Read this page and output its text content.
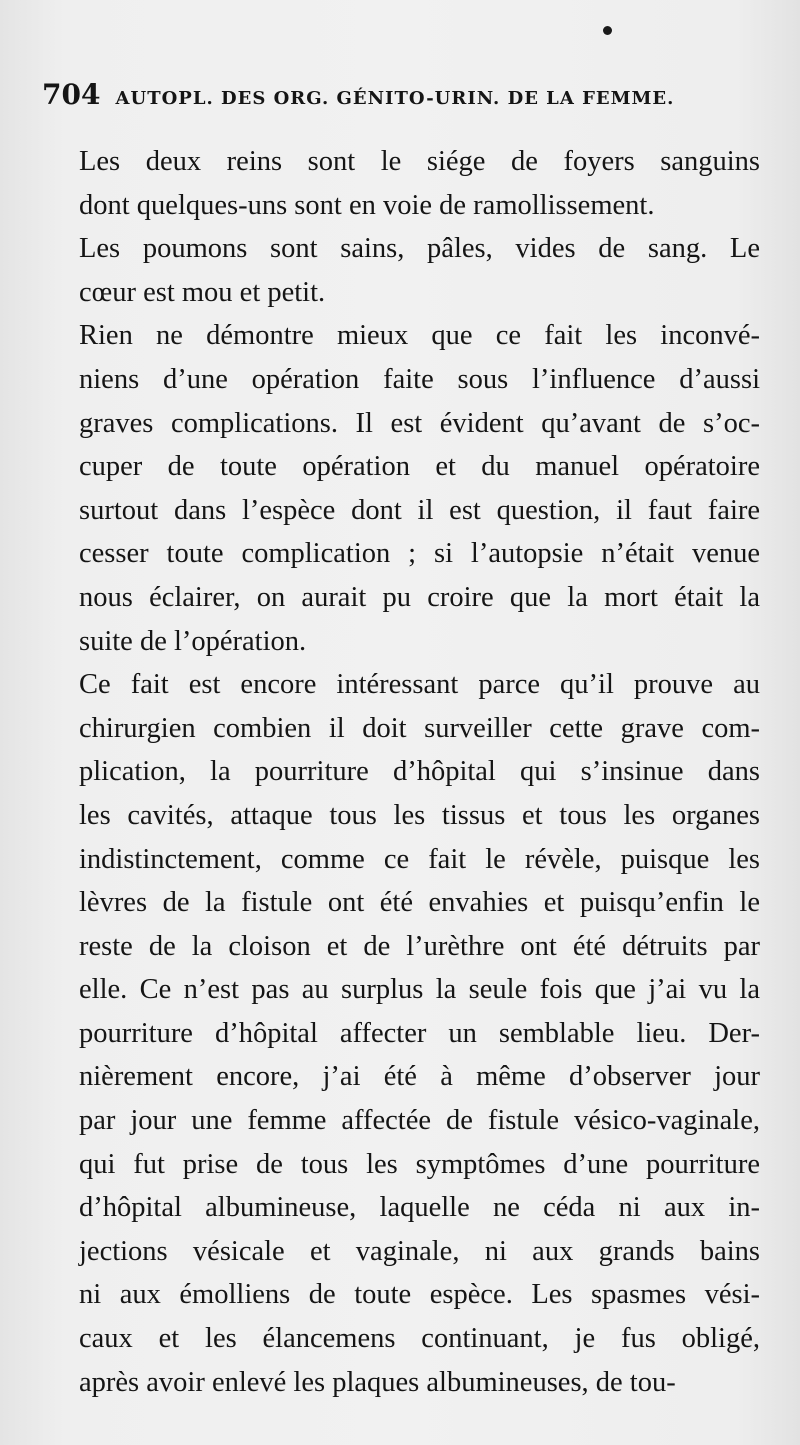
704 AUTOPL. DES ORG. GÉNITO-URIN. DE LA FEMME.

Les deux reins sont le siége de foyers sanguins
dont quelques-uns sont en voie de ramollissement.

Les poumons sont sains, pâles, vides de sang. Le
cœur est mou et petit.

Rien ne démontre mieux que ce fait les inconvé-
niens d’une opération faite sous l’influence d’aussi
graves complications. Il est évident qu’avant de s’oc-
cuper de toute opération et du manuel opératoire
surtout dans l’espèce dont il est question, il faut faire
cesser toute complication ; si l’autopsie n’était venue
nous éclairer, on aurait pu croire que la mort était la
suite de l’opération.

Ce fait est encore intéressant parce qu’il prouve au
chirurgien combien il doit surveiller cette grave com-
plication, la pourriture d’hôpital qui s’insinue dans
les cavités, attaque tous les tissus et tous les organes
indistinctement, comme ce fait le révèle, puisque les
lèvres de la fistule ont été envahies et puisqu’enfin le
reste de la cloison et de l’urèthre ont été détruits par
elle. Ce n’est pas au surplus la seule fois que j’ai vu la
pourriture d’hôpital affecter un semblable lieu. Der-
nièrement encore, j’ai été à même d’observer jour
par jour une femme affectée de fistule vésico-vaginale,
qui fut prise de tous les symptômes d’une pourriture
d’hôpital albumineuse, laquelle ne céda ni aux in-
jections vésicale et vaginale, ni aux grands bains
ni aux émolliens de toute espèce. Les spasmes vési-
caux et les élancemens continuant, je fus obligé,
après avoir enlevé les plaques albumineuses, de tou-
